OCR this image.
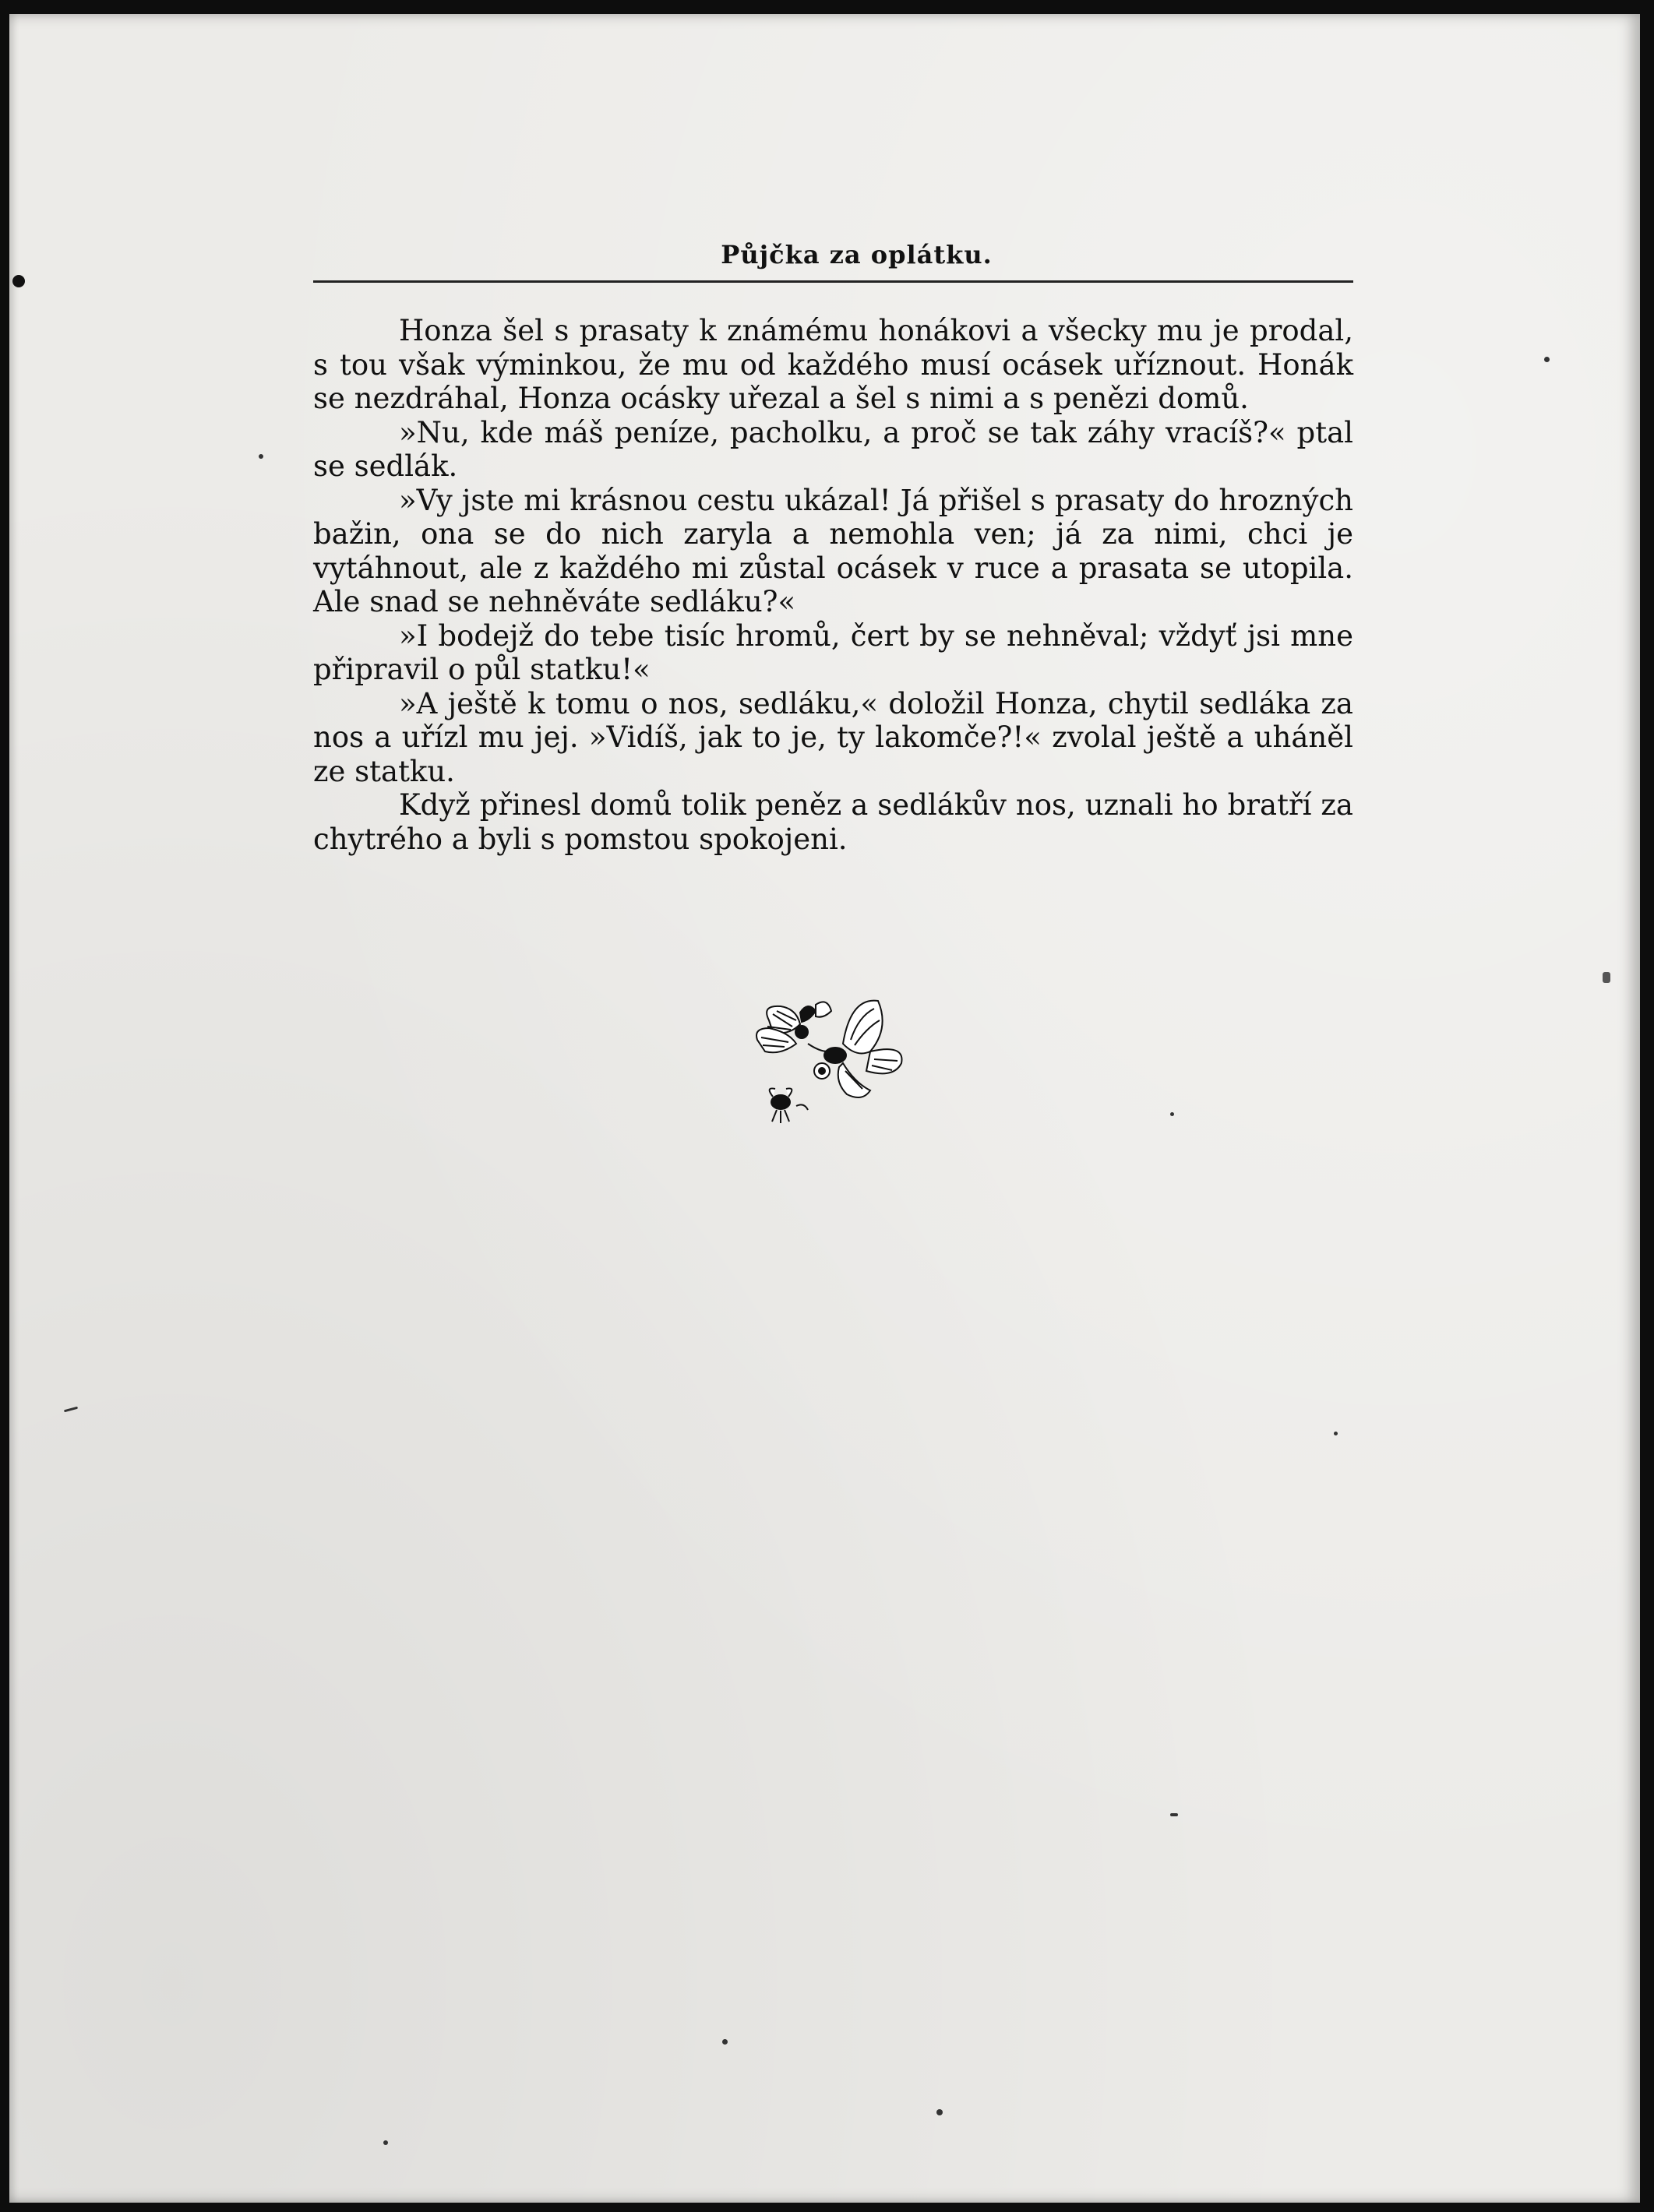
Půjčka za oplátku.

Honza šel s prasaty k známému honákovi a všecky mu je prodal, s tou však výminkou, že mu od každého musí ocásek uříznout. Honák se nezdráhal, Honza ocásky uřezal a šel s nimi a s penězi domů.

»Nu, kde máš peníze, pacholku, a proč se tak záhy vracíš?« ptal se sedlák.

»Vy jste mi krásnou cestu ukázal! Já přišel s prasaty do hrozných bažin, ona se do nich zaryla a nemohla ven; já za nimi, chci je vytáhnout, ale z každého mi zůstal ocásek v ruce a prasata se utopila. Ale snad se nehněváte sedláku?«

»I bodejž do tebe tisíc hromů, čert by se nehněval; vždyť jsi mne připravil o půl statku!«

»A ještě k tomu o nos, sedláku,« doložil Honza, chytil sedláka za nos a uřízl mu jej. »Vidíš, jak to je, ty lakomče?!« zvolal ještě a uháněl ze statku.

Když přinesl domů tolik peněz a sedlákův nos, uznali ho bratří za chytrého a byli s pomstou spokojeni.
